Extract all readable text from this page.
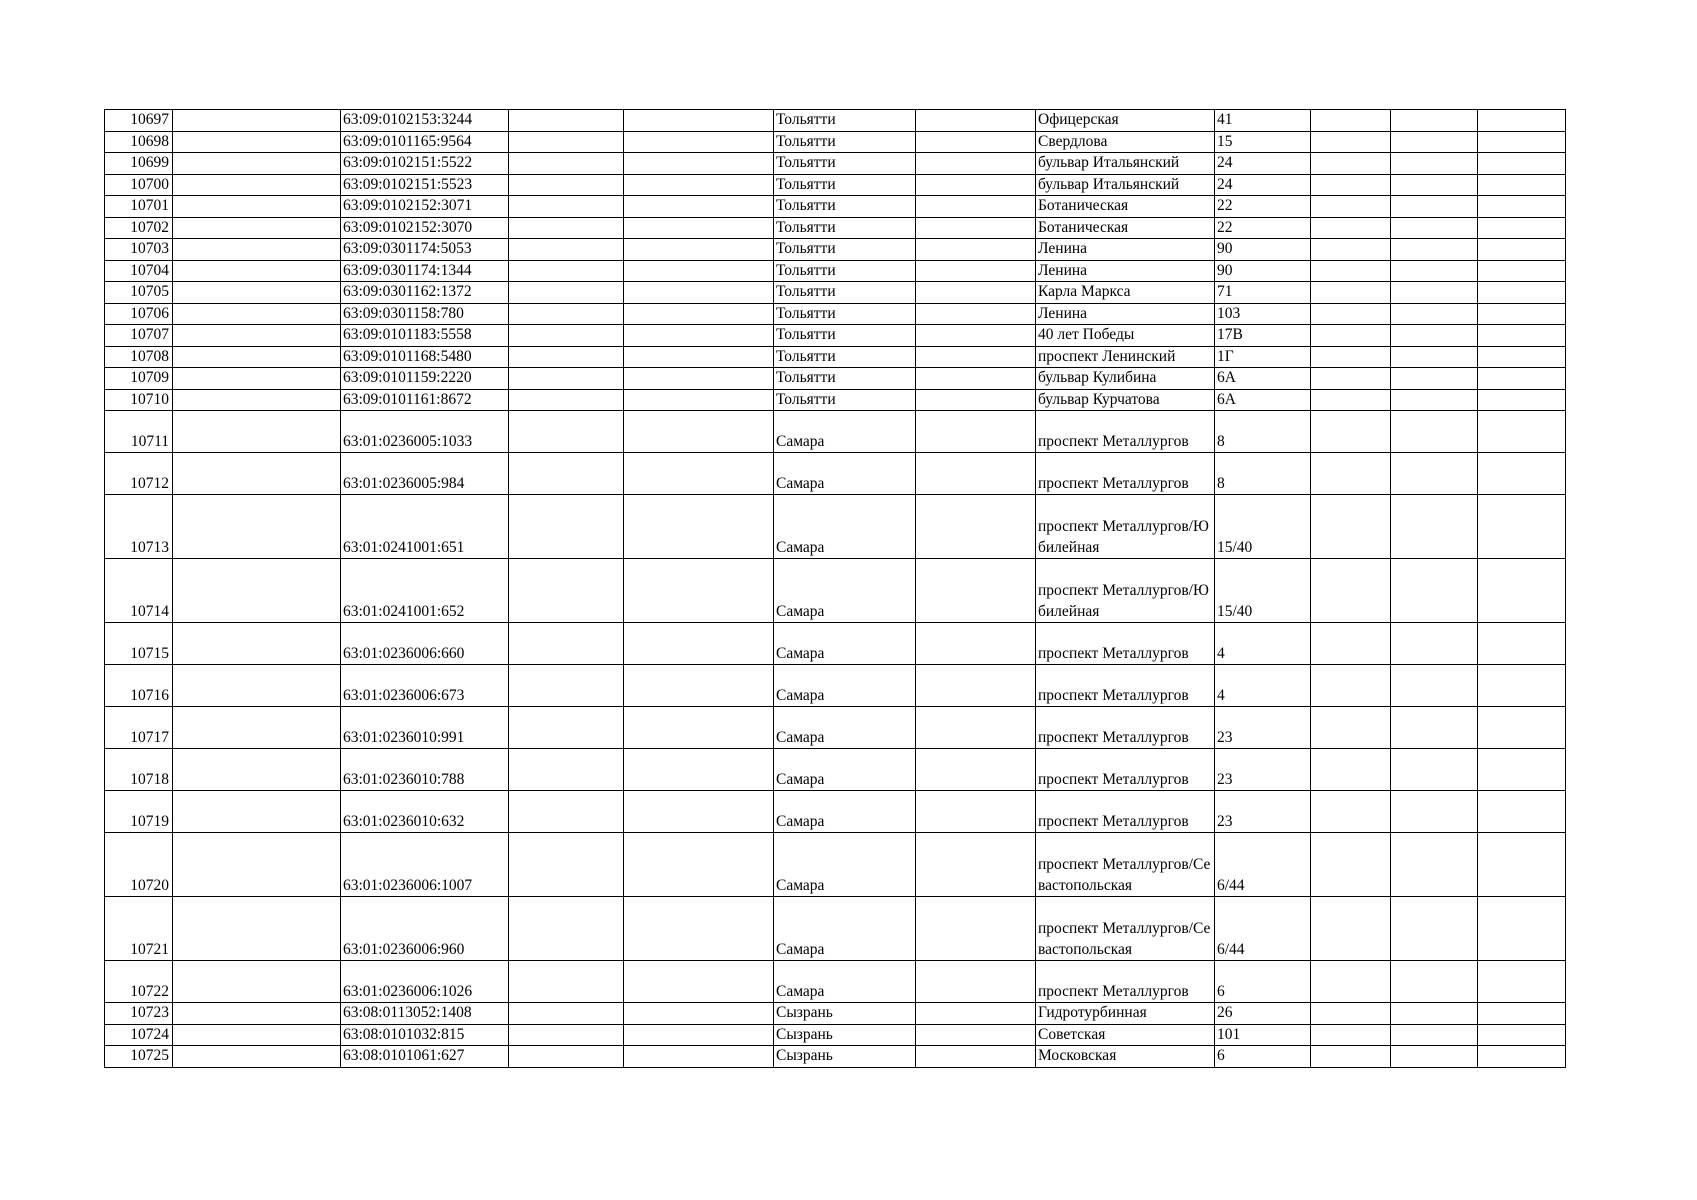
10697		63:09:0102153:3244			Тольятти		Офицерская	41			
10698		63:09:0101165:9564			Тольятти		Свердлова	15			
10699		63:09:0102151:5522			Тольятти		бульвар Итальянский	24			
10700		63:09:0102151:5523			Тольятти		бульвар Итальянский	24			
10701		63:09:0102152:3071			Тольятти		Ботаническая	22			
10702		63:09:0102152:3070			Тольятти		Ботаническая	22			
10703		63:09:0301174:5053			Тольятти		Ленина	90			
10704		63:09:0301174:1344			Тольятти		Ленина	90			
10705		63:09:0301162:1372			Тольятти		Карла Маркса	71			
10706		63:09:0301158:780			Тольятти		Ленина	103			
10707		63:09:0101183:5558			Тольятти		40 лет Победы	17В			
10708		63:09:0101168:5480			Тольятти		проспект Ленинский	1Г			
10709		63:09:0101159:2220			Тольятти		бульвар Кулибина	6А			
10710		63:09:0101161:8672			Тольятти		бульвар Курчатова	6А			
10711		63:01:0236005:1033			Самара		проспект Металлургов	8			
10712		63:01:0236005:984			Самара		проспект Металлургов	8			
10713		63:01:0241001:651			Самара		проспект Металлургов/Юбилейная	15/40			
10714		63:01:0241001:652			Самара		проспект Металлургов/Юбилейная	15/40			
10715		63:01:0236006:660			Самара		проспект Металлургов	4			
10716		63:01:0236006:673			Самара		проспект Металлургов	4			
10717		63:01:0236010:991			Самара		проспект Металлургов	23			
10718		63:01:0236010:788			Самара		проспект Металлургов	23			
10719		63:01:0236010:632			Самара		проспект Металлургов	23			
10720		63:01:0236006:1007			Самара		проспект Металлургов/Севастопольская	6/44			
10721		63:01:0236006:960			Самара		проспект Металлургов/Севастопольская	6/44			
10722		63:01:0236006:1026			Самара		проспект Металлургов	6			
10723		63:08:0113052:1408			Сызрань		Гидротурбинная	26			
10724		63:08:0101032:815			Сызрань		Советская	101			
10725		63:08:0101061:627			Сызрань		Московская	6			
